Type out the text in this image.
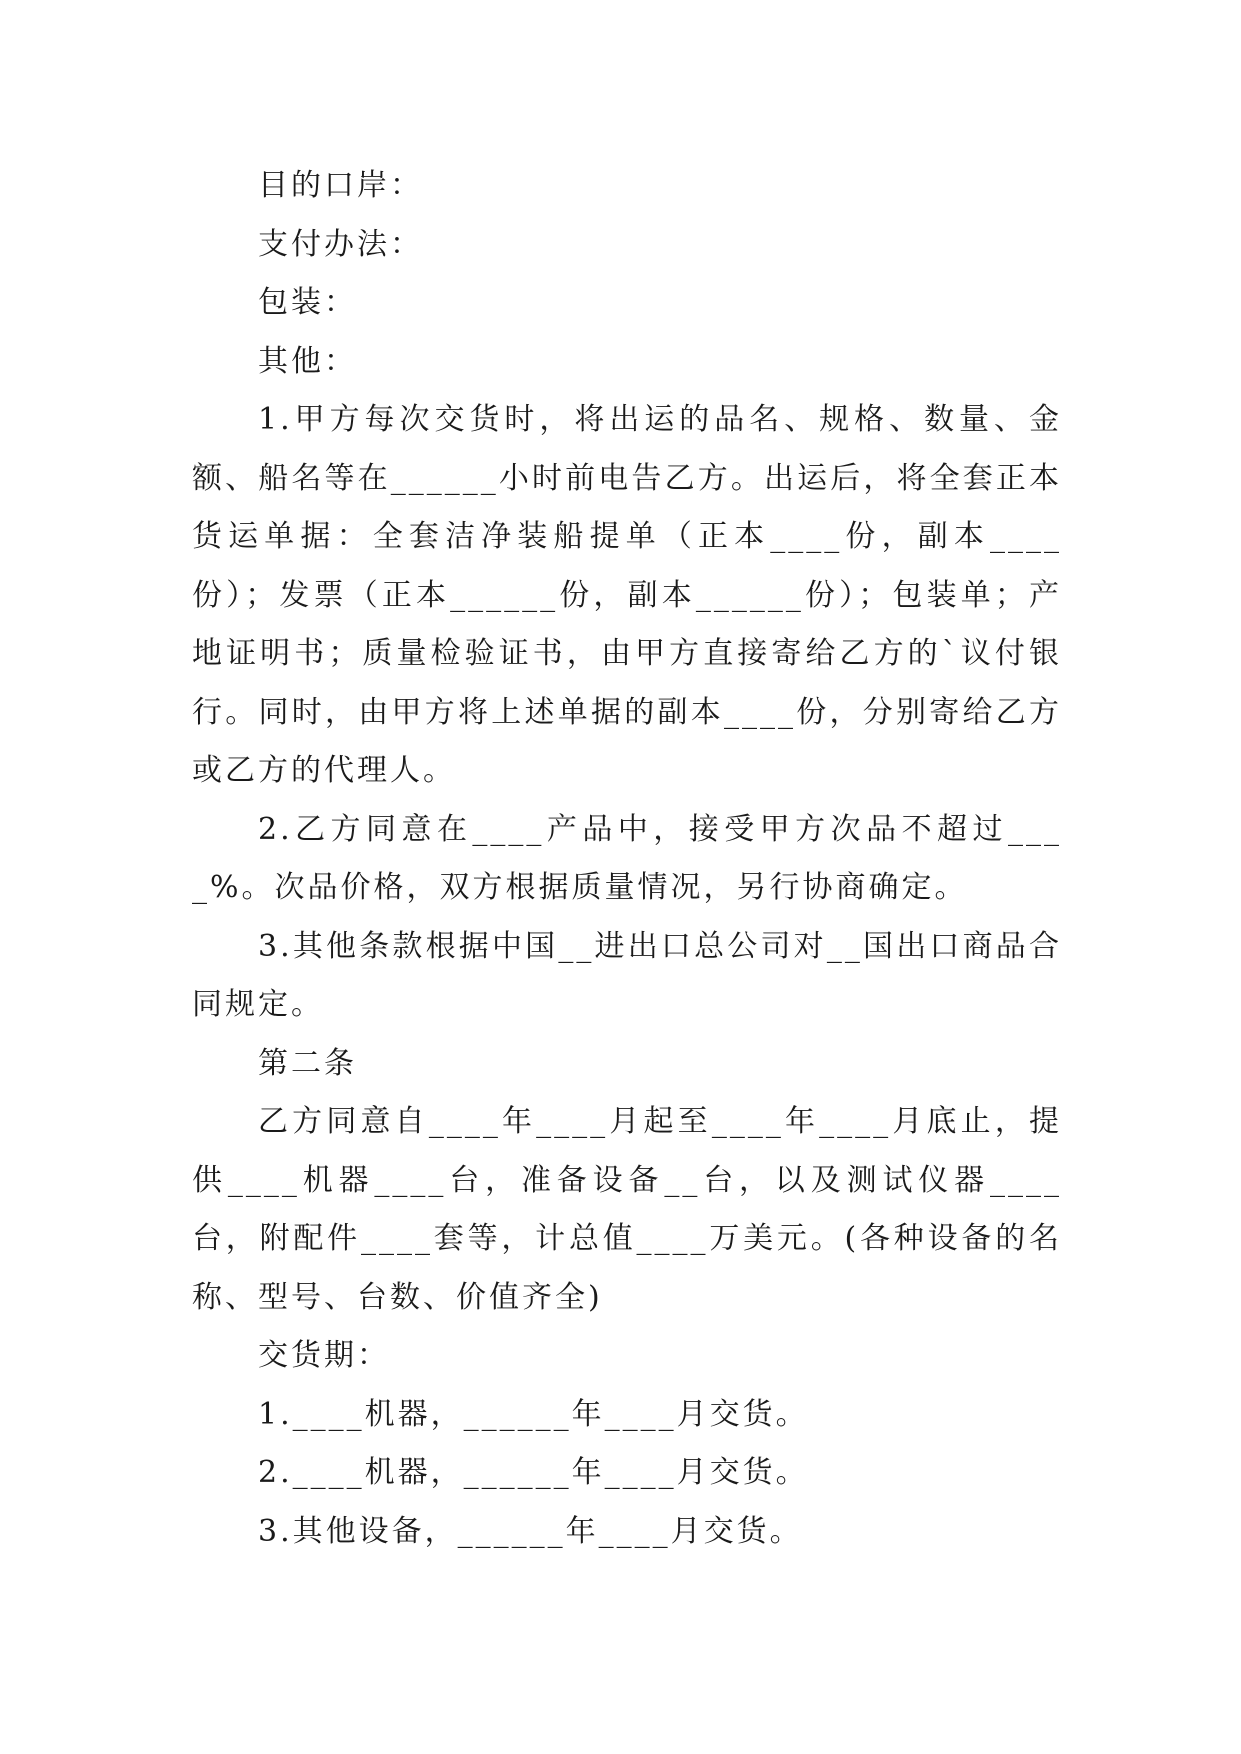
目的口岸：

支付办法：

包装：

其他：

1.甲方每次交货时，将出运的品名、规格、数量、金额、船名等在______小时前电告乙方。出运后，将全套正本货运单据：全套洁净装船提单（正本____份，副本____份）；发票（正本______份，副本______份）；包装单；产地证明书；质量检验证书，由甲方直接寄给乙方的`议付银行。同时，由甲方将上述单据的副本____份，分别寄给乙方或乙方的代理人。

2.乙方同意在____产品中，接受甲方次品不超过____%。次品价格，双方根据质量情况，另行协商确定。

3.其他条款根据中国__进出口总公司对__国出口商品合同规定。

第二条

乙方同意自____年____月起至____年____月底止，提供____机器____台，准备设备__台，以及测试仪器____台，附配件____套等，计总值____万美元。(各种设备的名称、型号、台数、价值齐全)

交货期：

1.____机器，______年____月交货。

2.____机器，______年____月交货。

3.其他设备，______年____月交货。
